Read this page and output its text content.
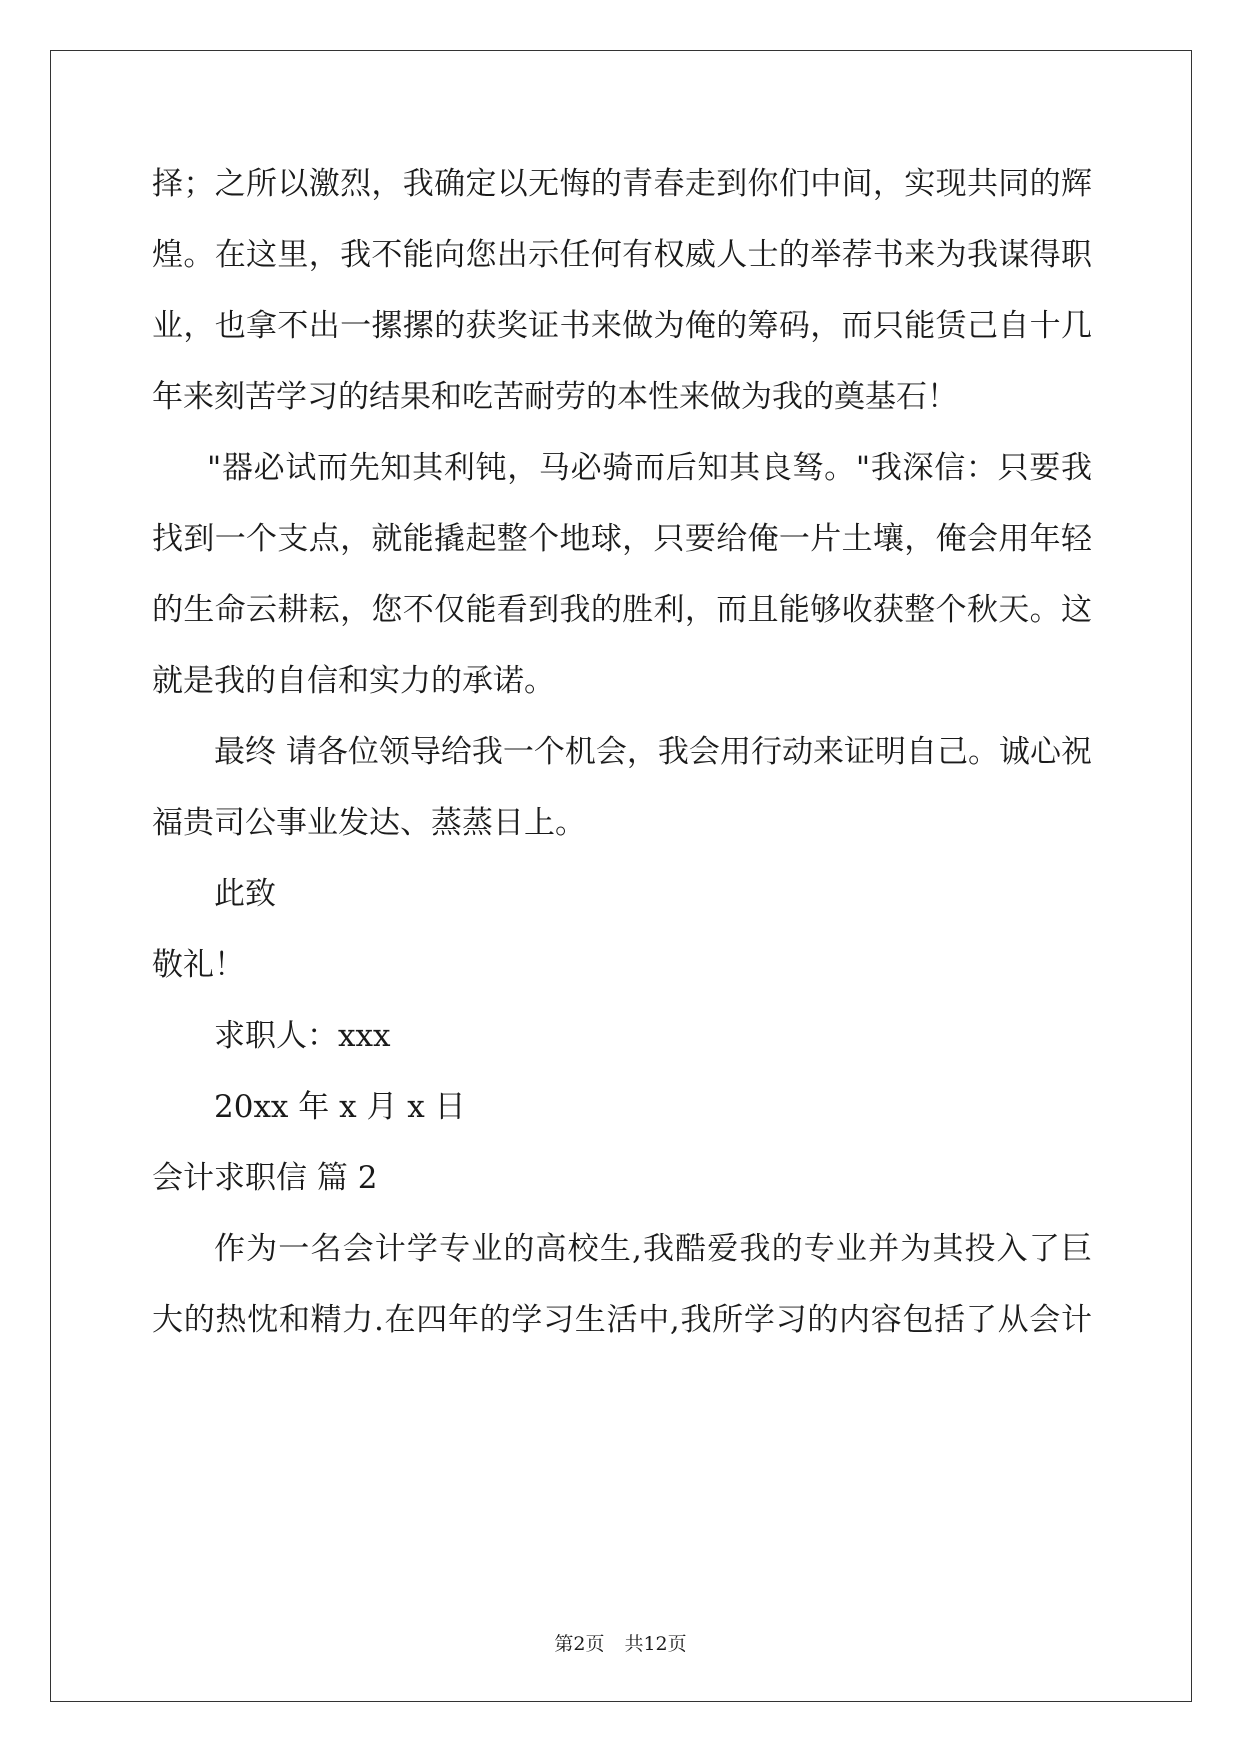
择；之所以激烈，我确定以无悔的青春走到你们中间，实现共同的辉
煌。在这里，我不能向您出示任何有权威人士的举荐书来为我谋得职
业，也拿不出一摞摞的获奖证书来做为俺的筹码，而只能赁己自十几
年来刻苦学习的结果和吃苦耐劳的本性来做为我的奠基石！
"器必试而先知其利钝，马必骑而后知其良驽。"我深信：只要我
找到一个支点，就能撬起整个地球，只要给俺一片土壤，俺会用年轻
的生命云耕耘，您不仅能看到我的胜利，而且能够收获整个秋天。这
就是我的自信和实力的承诺。
最终 请各位领导给我一个机会，我会用行动来证明自己。诚心祝
福贵司公事业发达、蒸蒸日上。
此致
敬礼！
求职人：xxx
20xx 年 x 月 x 日
会计求职信 篇 2
作为一名会计学专业的高校生,我酷爱我的专业并为其投入了巨
大的热忱和精力.在四年的学习生活中,我所学习的内容包括了从会计
第2页 共12页
